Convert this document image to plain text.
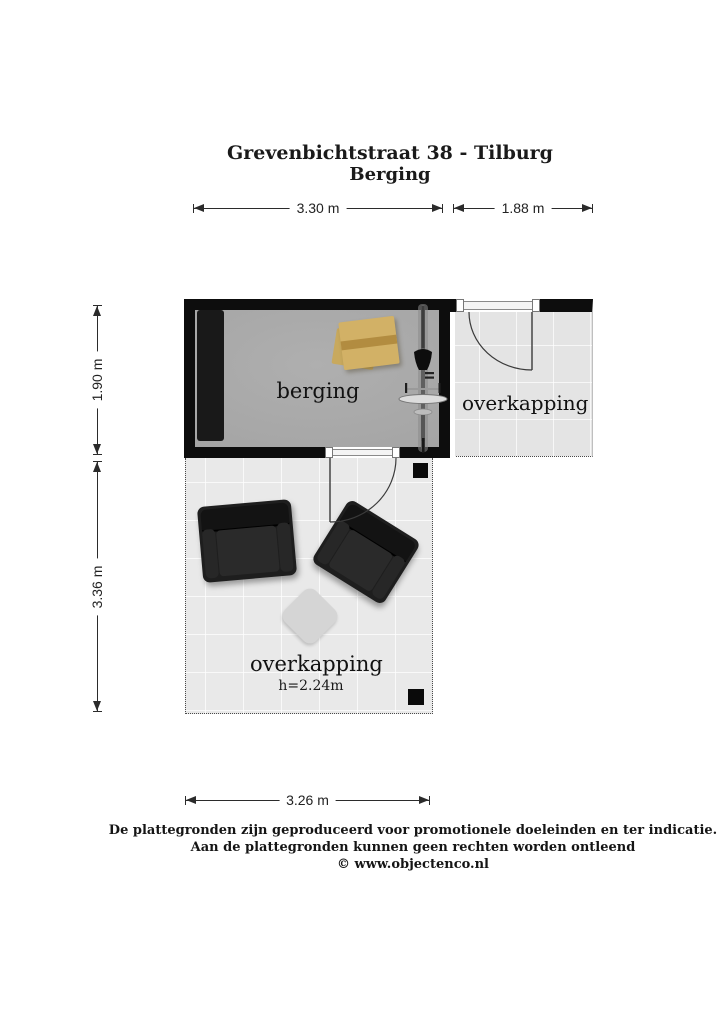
Grevenbichtstraat 38 - Tilburg
Berging
3.30 m	1.88 m
1.90 m
3.36 m
berging	overkapping
overkapping
h=2.24m
3.26 m
De plattegronden zijn geproduceerd voor promotionele doeleinden en ter indicatie.
Aan de plattegronden kunnen geen rechten worden ontleend
© www.objectenco.nl
